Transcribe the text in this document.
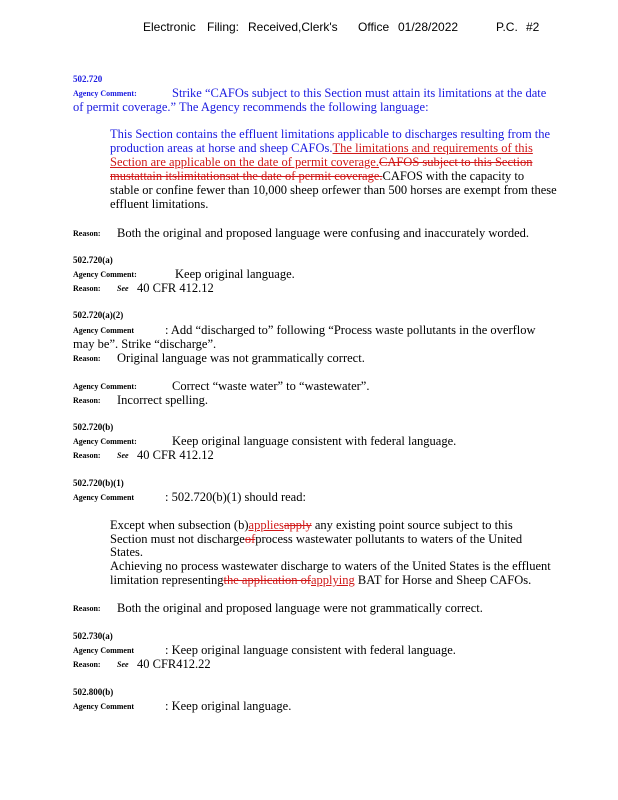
Electronic Filing: Received,Clerk's Office 01/28/2022	P.C. #2
502.720
Agency Comment:	Strike “CAFOs subject to this Section must attain its limitations at the date
of permit coverage.” The Agency recommends the following language:
This Section contains the effluent limitations applicable to discharges resulting from the
production areas at horse and sheep CAFOs.The limitations and requirements of this
Section are applicable on the date of permit coverage.CAFOS subject to this Section
mustattain itslimitationsat the date of permit coverage.CAFOS with the capacity to
stable or confine fewer than 10,000 sheep orfewer than 500 horses are exempt from these
effluent limitations.
Reason: Both the original and proposed language were confusing and inaccurately worded.
502.720(a)
Agency Comment:	Keep original language.
Reason: See 40 CFR 412.12
502.720(a)(2)
Agency Comment : Add “discharged to” following “Process waste pollutants in the overflow
may be”. Strike “discharge”.
Reason: Original language was not grammatically correct.
Agency Comment:	Correct “waste water” to “wastewater”.
Reason: Incorrect spelling.
502.720(b)
Agency Comment:	Keep original language consistent with federal language.
Reason: See 40 CFR 412.12
502.720(b)(1)
Agency Comment : 502.720(b)(1) should read:
Except when subsection (b)appliesapply any existing point source subject to this
Section must not dischargeofprocess wastewater pollutants to waters of the United
States.
Achieving no process wastewater discharge to waters of the United States is the effluent
limitation representingthe application ofapplying BAT for Horse and Sheep CAFOs.
Reason: Both the original and proposed language were not grammatically correct.
502.730(a)
Agency Comment : Keep original language consistent with federal language.
Reason: See 40 CFR412.22
502.800(b)
Agency Comment : Keep original language.
